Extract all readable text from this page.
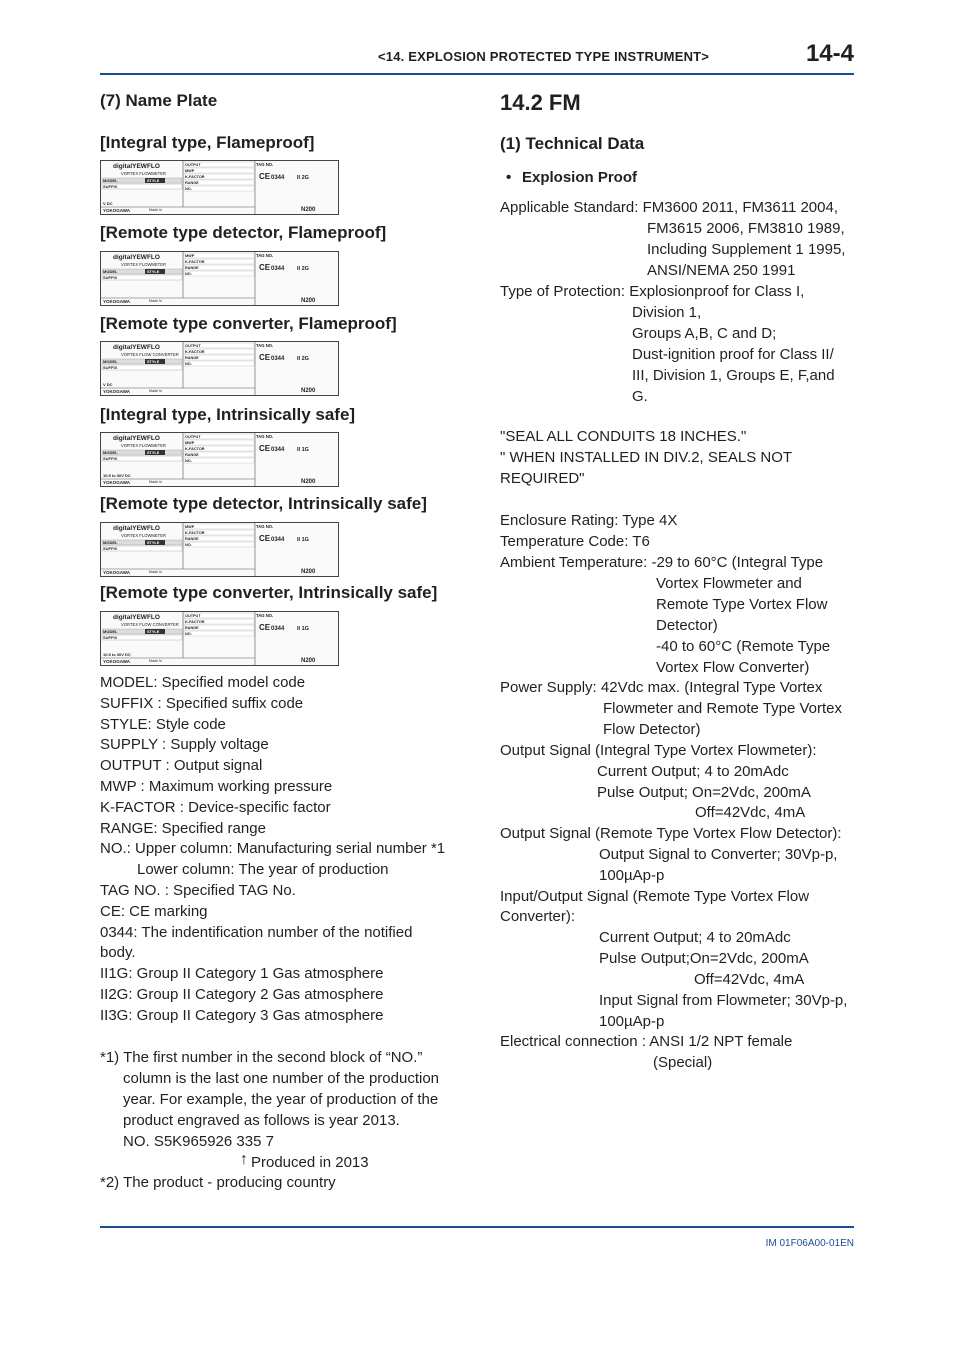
<14. EXPLOSION PROTECTED TYPE INSTRUMENT>	14-4
(7) Name Plate
[Integral type, Flameproof]
digitalYEWFLO
VORTEX FLOWMETER
MODEL
SUFFIX
STYLE
OUTPUT
MWP
K-FACTOR
RANGE
NO.
TAG NO.
CE 0344 II 2G
N200
V DC
YOKOGAWA	Made in
[Remote type detector, Flameproof]
digitalYEWFLO
VORTEX FLOWMETER
MODEL
SUFFIX
STYLE
MWP
K-FACTOR
RANGE
NO.
TAG NO.
CE 0344 II 2G
N200
YOKOGAWA	Made in
[Remote type converter, Flameproof]
digitalYEWFLO
VORTEX FLOW CONVERTER
MODEL
SUFFIX
STYLE
OUTPUT
K-FACTOR
RANGE
NO.
TAG NO.
CE 0344 II 2G
N200
V DC
YOKOGAWA	Made in
[Integral type, Intrinsically safe]
digitalYEWFLO
VORTEX FLOWMETER
MODEL
SUFFIX
STYLE
OUTPUT
MWP
K-FACTOR
RANGE
NO.
TAG NO.
CE 0344 II 1G
N200
10.5 to 30V DC
YOKOGAWA	Made in
[Remote type detector, Intrinsically safe]
digitalYEWFLO
VORTEX FLOWMETER
MODEL
SUFFIX
STYLE
MWP
K-FACTOR
RANGE
NO.
TAG NO.
CE 0344 II 1G
N200
YOKOGAWA	Made in
[Remote type converter, Intrinsically safe]
digitalYEWFLO
VORTEX FLOW CONVERTER
MODEL
SUFFIX
STYLE
OUTPUT
K-FACTOR
RANGE
NO.
TAG NO.
CE 0344 II 1G
N200
10.5 to 30V DC
YOKOGAWA	Made in
MODEL: Specified model code
SUFFIX : Specified suffix code
STYLE: Style code
SUPPLY : Supply voltage
OUTPUT : Output signal
MWP : Maximum working pressure
K-FACTOR : Device-specific factor
RANGE: Specified range
NO.: Upper column: Manufacturing serial number *1
Lower column: The year of production
TAG NO. : Specified TAG No.
CE: CE marking
0344: The indentification number of the notified
body.
II1G: Group II Category 1 Gas atmosphere
II2G: Group II Category 2 Gas atmosphere
II3G: Group II Category 3 Gas atmosphere
*1) The first number in the second block of “NO.”
column is the last one number of the production
year. For example, the year of production of the
product engraved as follows is year 2013.
NO. S5K965926 335 7
Produced in 2013
*2) The product - producing country
↑
14.2 FM
(1) Technical Data
• Explosion Proof
Applicable Standard: FM3600 2011, FM3611 2004,
FM3615 2006, FM3810 1989,
Including Supplement 1 1995,
ANSI/NEMA 250 1991
Type of Protection: Explosionproof for Class I,
Division 1,
Groups A,B, C and D;
Dust-ignition proof for Class II/
III, Division 1, Groups E, F,and
G.
"SEAL ALL CONDUITS 18 INCHES."
" WHEN INSTALLED IN DIV.2, SEALS NOT
REQUIRED"
Enclosure Rating: Type 4X
Temperature Code: T6
Ambient Temperature: -29 to 60°C (Integral Type
Vortex Flowmeter and
Remote Type Vortex Flow
Detector)
-40 to 60°C (Remote Type
Vortex Flow Converter)
Power Supply: 42Vdc max. (Integral Type Vortex
Flowmeter and Remote Type Vortex
Flow Detector)
Output Signal (Integral Type Vortex Flowmeter):
Current Output; 4 to 20mAdc
Pulse Output; On=2Vdc, 200mA
Off=42Vdc, 4mA
Output Signal (Remote Type Vortex Flow Detector):
Output Signal to Converter; 30Vp-p,
100µAp-p
Input/Output Signal (Remote Type Vortex Flow
Converter):
Current Output; 4 to 20mAdc
Pulse Output;On=2Vdc, 200mA
Off=42Vdc, 4mA
Input Signal from Flowmeter; 30Vp-p,
100µAp-p
Electrical connection : ANSI 1/2 NPT female
(Special)
IM 01F06A00-01EN
